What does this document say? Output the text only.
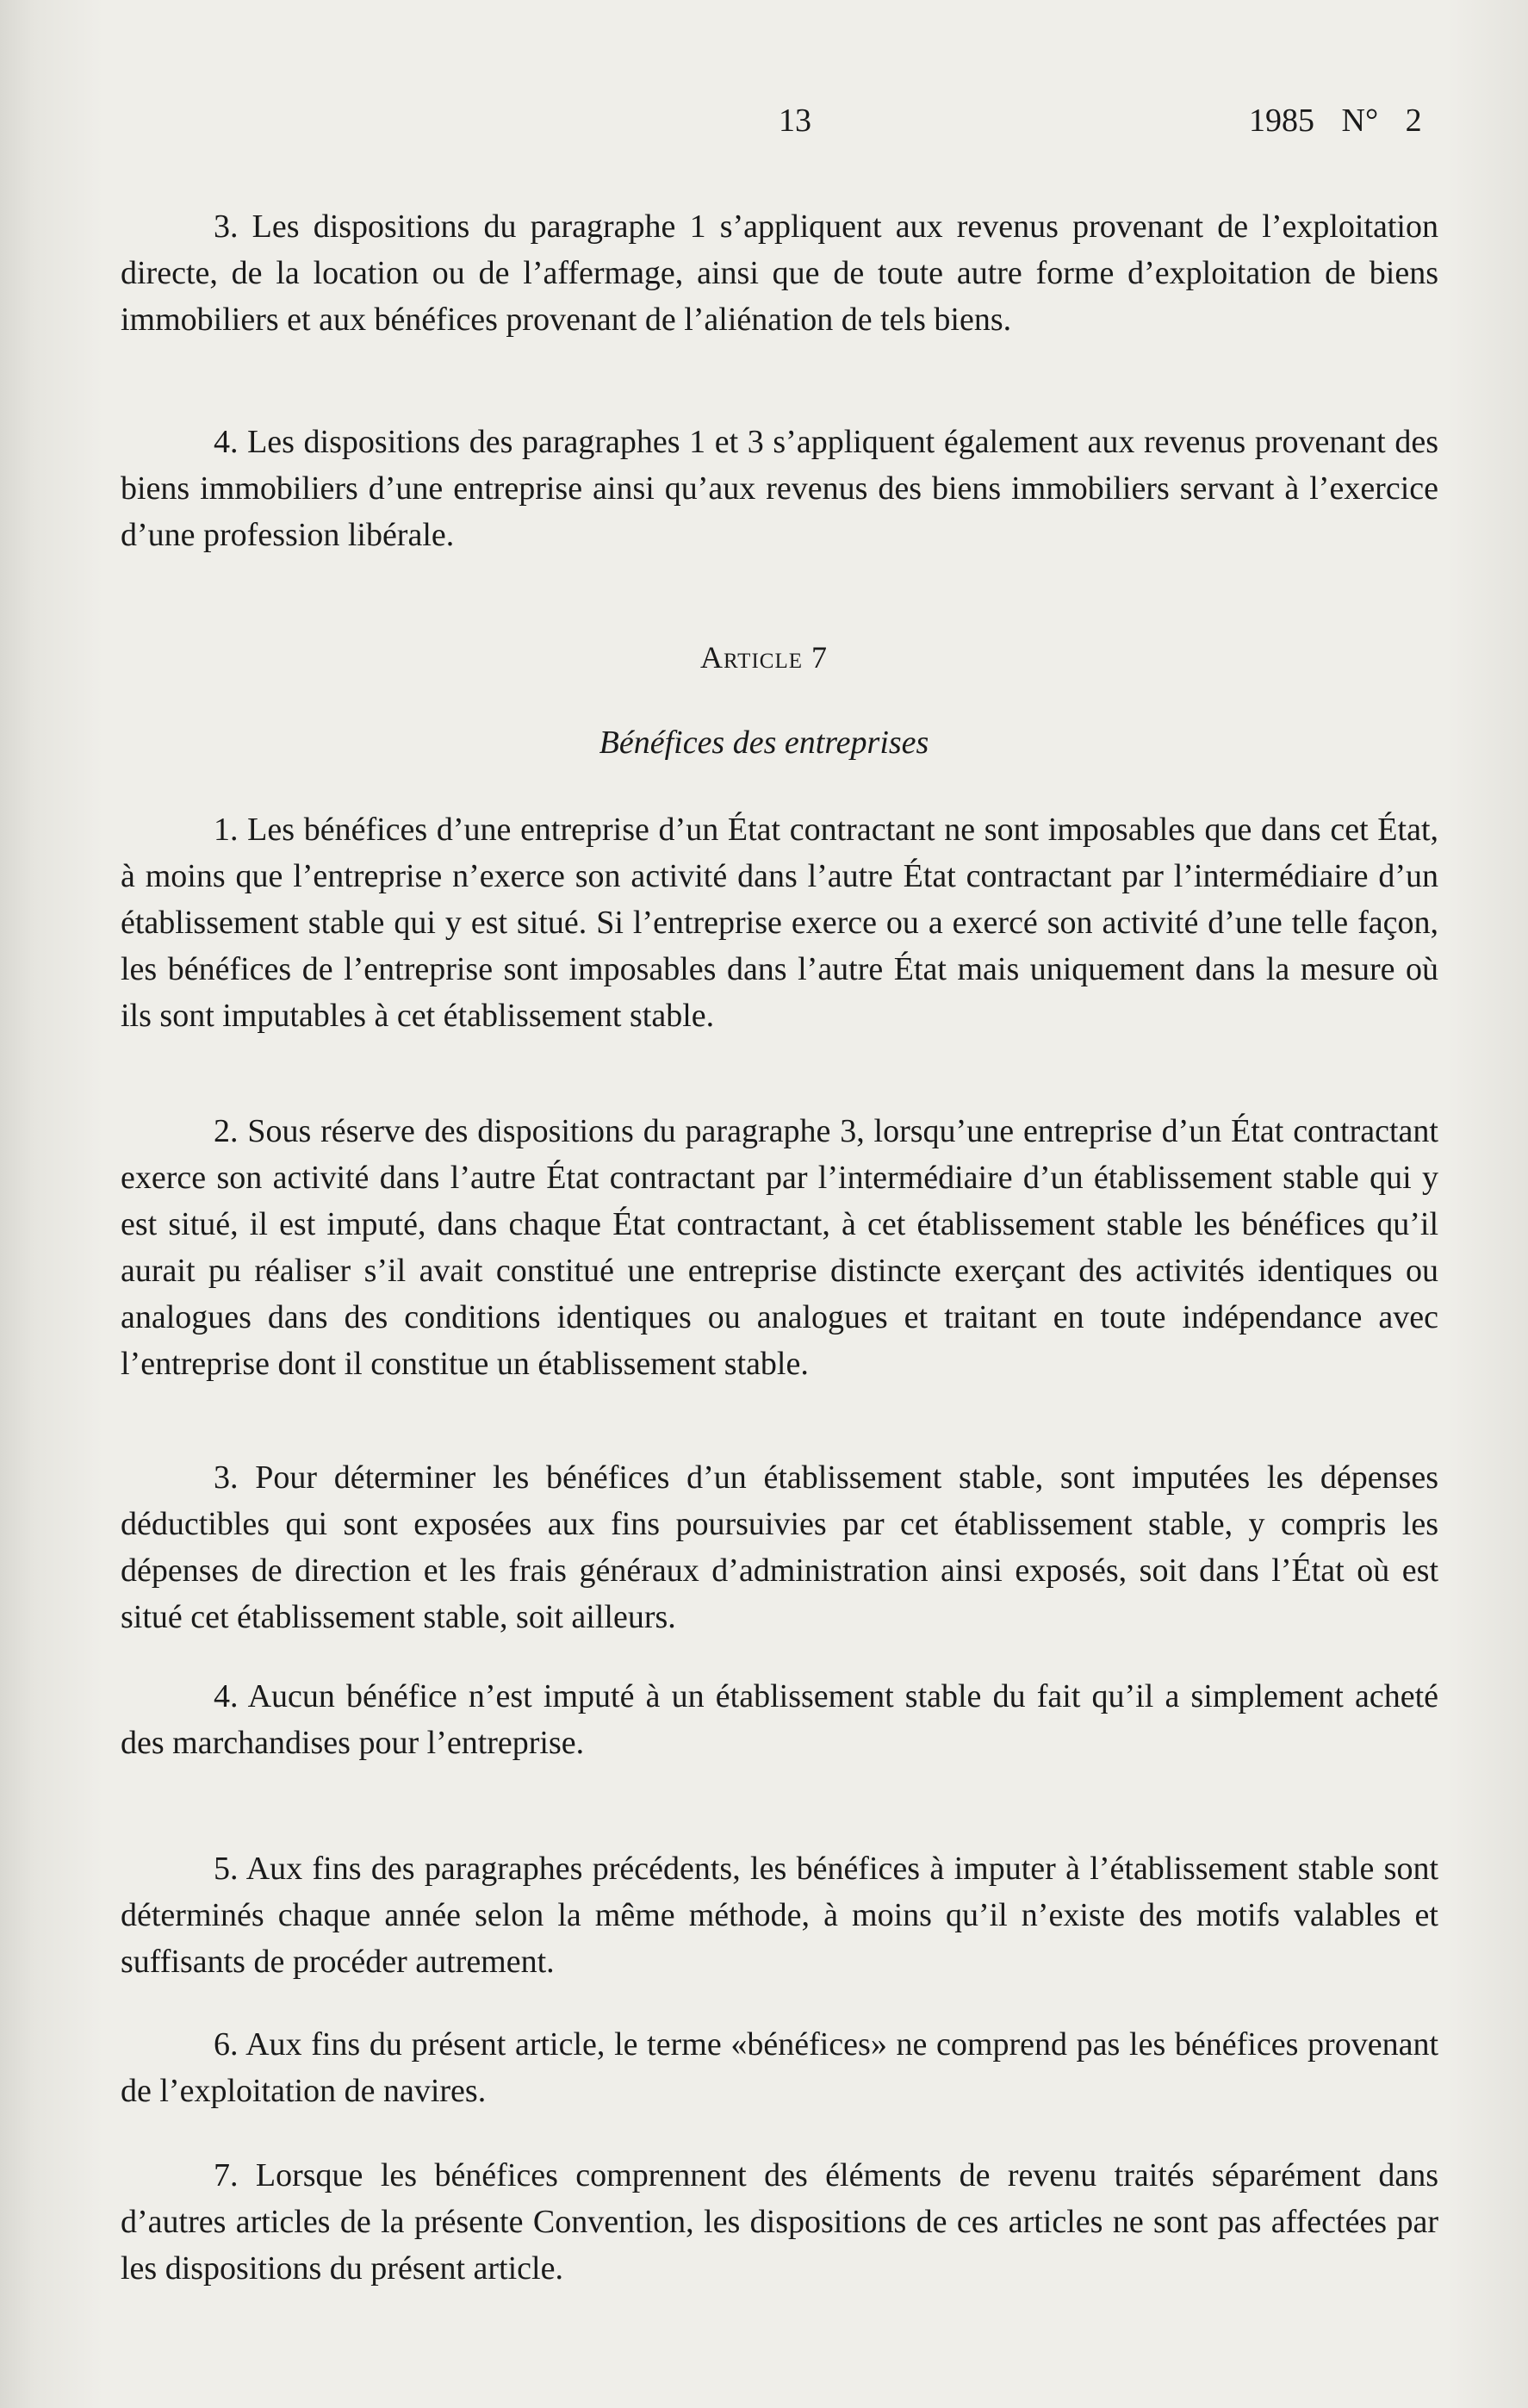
13	1985 N° 2

3. Les dispositions du paragraphe 1 s’appliquent aux revenus provenant de l’exploitation directe, de la location ou de l’affermage, ainsi que de toute autre forme d’exploitation de biens immobiliers et aux bénéfices provenant de l’aliénation de tels biens.

4. Les dispositions des paragraphes 1 et 3 s’appliquent également aux revenus provenant des biens immobiliers d’une entreprise ainsi qu’aux revenus des biens immobiliers servant à l’exercice d’une profession libérale.

Article 7
Bénéfices des entreprises

1. Les bénéfices d’une entreprise d’un État contractant ne sont imposables que dans cet État, à moins que l’entreprise n’exerce son activité dans l’autre État contractant par l’intermédiaire d’un établissement stable qui y est situé. Si l’entreprise exerce ou a exercé son activité d’une telle façon, les bénéfices de l’entreprise sont imposables dans l’autre État mais uniquement dans la mesure où ils sont imputables à cet établissement stable.

2. Sous réserve des dispositions du paragraphe 3, lorsqu’une entreprise d’un État contractant exerce son activité dans l’autre État contractant par l’intermédiaire d’un établissement stable qui y est situé, il est imputé, dans chaque État contractant, à cet établissement stable les bénéfices qu’il aurait pu réaliser s’il avait constitué une entreprise distincte exerçant des activités identiques ou analogues dans des conditions identiques ou analogues et traitant en toute indépendance avec l’entreprise dont il constitue un établissement stable.

3. Pour déterminer les bénéfices d’un établissement stable, sont imputées les dépenses déductibles qui sont exposées aux fins poursuivies par cet établissement stable, y compris les dépenses de direction et les frais généraux d’administration ainsi exposés, soit dans l’État où est situé cet établissement stable, soit ailleurs.

4. Aucun bénéfice n’est imputé à un établissement stable du fait qu’il a simplement acheté des marchandises pour l’entreprise.

5. Aux fins des paragraphes précédents, les bénéfices à imputer à l’établissement stable sont déterminés chaque année selon la même méthode, à moins qu’il n’existe des motifs valables et suffisants de procéder autrement.

6. Aux fins du présent article, le terme «bénéfices» ne comprend pas les bénéfices provenant de l’exploitation de navires.

7. Lorsque les bénéfices comprennent des éléments de revenu traités séparément dans d’autres articles de la présente Convention, les dispositions de ces articles ne sont pas affectées par les dispositions du présent article.
